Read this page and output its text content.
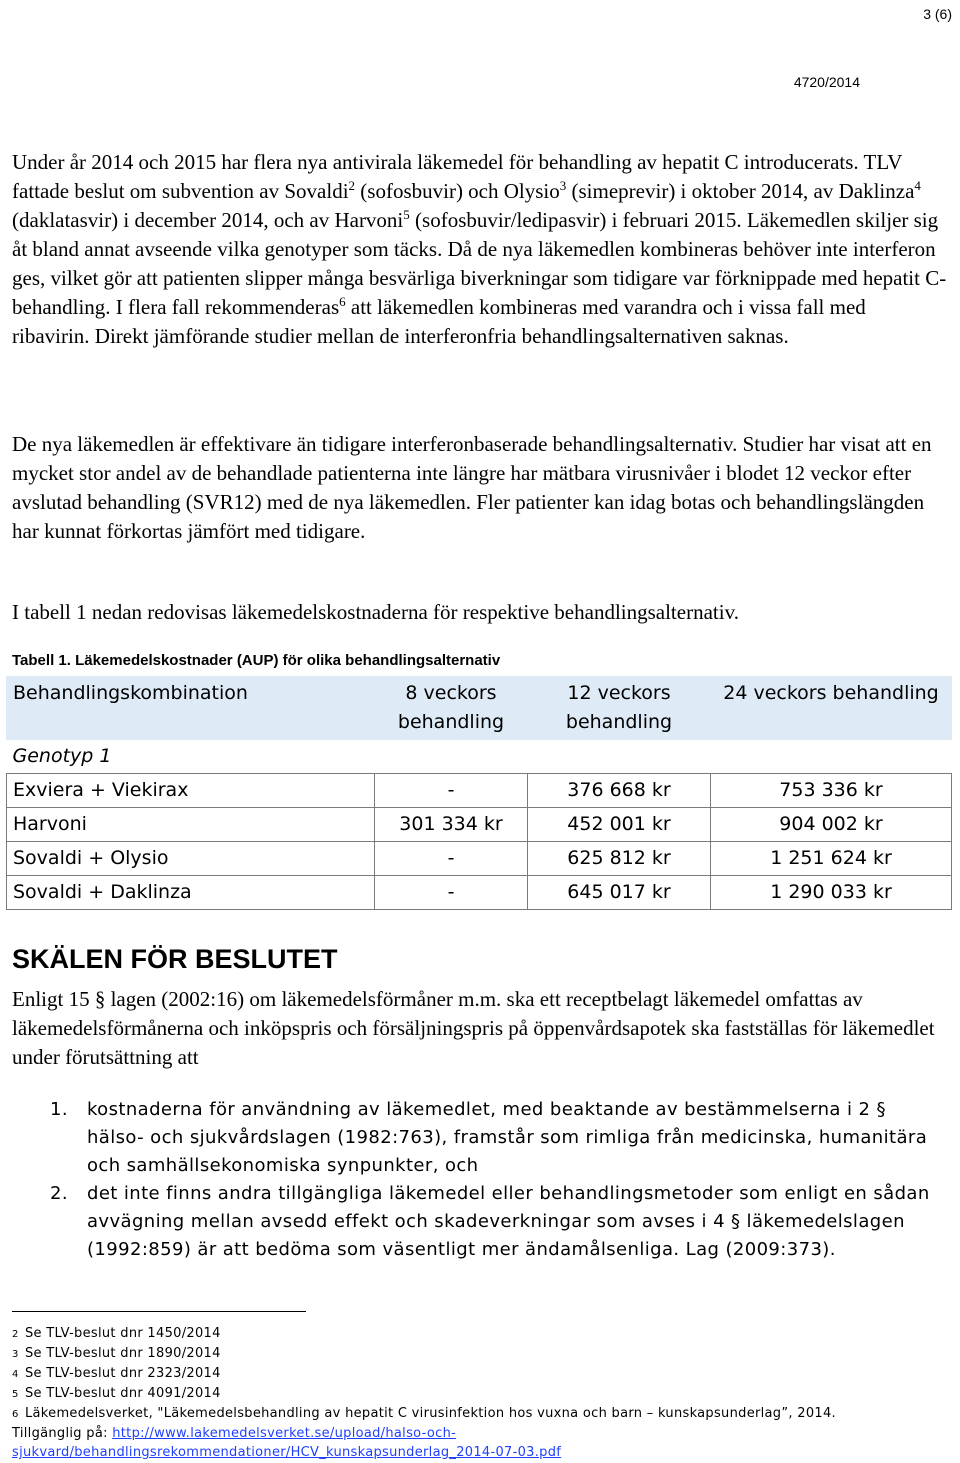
3 (6)
4720/2014
Under år 2014 och 2015 har flera nya antivirala läkemedel för behandling av hepatit C introducerats. TLV fattade beslut om subvention av Sovaldi$^2$ (sofosbuvir) och Olysio$^3$ (simeprevir) i oktober 2014, av Daklinza$^4$ (daklatasvir) i december 2014, och av Harvoni$^5$ (sofosbuvir/ledipasvir) i februari 2015. Läkemedlen skiljer sig åt bland annat avseende vilka genotyper som täcks. Då de nya läkemedlen kombineras behöver inte interferon ges, vilket gör att patienten slipper många besvärliga biverkningar som tidigare var förknippade med hepatit C-behandling. I flera fall rekommenderas$^6$ att läkemedlen kombineras med varandra och i vissa fall med ribavirin. Direkt jämförande studier mellan de interferonfria behandlingsalternativen saknas.
De nya läkemedlen är effektivare än tidigare interferonbaserade behandlingsalternativ. Studier har visat att en mycket stor andel av de behandlade patienterna inte längre har mätbara virusnivåer i blodet 12 veckor efter avslutad behandling (SVR12) med de nya läkemedlen. Fler patienter kan idag botas och behandlingslängden har kunnat förkortas jämfört med tidigare.
I tabell 1 nedan redovisas läkemedelskostnaderna för respektive behandlingsalternativ.
Tabell 1. Läkemedelskostnader (AUP) för olika behandlingsalternativ
Behandlingskombination	8 veckors behandling	12 veckors behandling	24 veckors behandling
Genotyp 1			
Exviera + Viekirax	-	376 668 kr	753 336 kr
Harvoni	301 334 kr	452 001 kr	904 002 kr
Sovaldi + Olysio	-	625 812 kr	1 251 624 kr
Sovaldi + Daklinza	-	645 017 kr	1 290 033 kr
SKÄLEN FÖR BESLUTET
Enligt 15 § lagen (2002:16) om läkemedelsförmåner m.m. ska ett receptbelagt läkemedel omfattas av läkemedelsförmånerna och inköpspris och försäljningspris på öppenvårdsapotek ska fastställas för läkemedlet under förutsättning att
1. kostnaderna för användning av läkemedlet, med beaktande av bestämmelserna i 2 § hälso- och sjukvårdslagen (1982:763), framstår som rimliga från medicinska, humanitära och samhällsekonomiska synpunkter, och
2. det inte finns andra tillgängliga läkemedel eller behandlingsmetoder som enligt en sådan avvägning mellan avsedd effekt och skadeverkningar som avses i 4 § läkemedelslagen (1992:859) är att bedöma som väsentligt mer ändamålsenliga. Lag (2009:373).
2 Se TLV-beslut dnr 1450/2014
3 Se TLV-beslut dnr 1890/2014
4 Se TLV-beslut dnr 2323/2014
5 Se TLV-beslut dnr 4091/2014
6 Läkemedelsverket, "Läkemedelsbehandling av hepatit C virusinfektion hos vuxna och barn – kunskapsunderlag”, 2014.
Tillgänglig på: http://www.lakemedelsverket.se/upload/halso-och-
sjukvard/behandlingsrekommendationer/HCV_kunskapsunderlag_2014-07-03.pdf
